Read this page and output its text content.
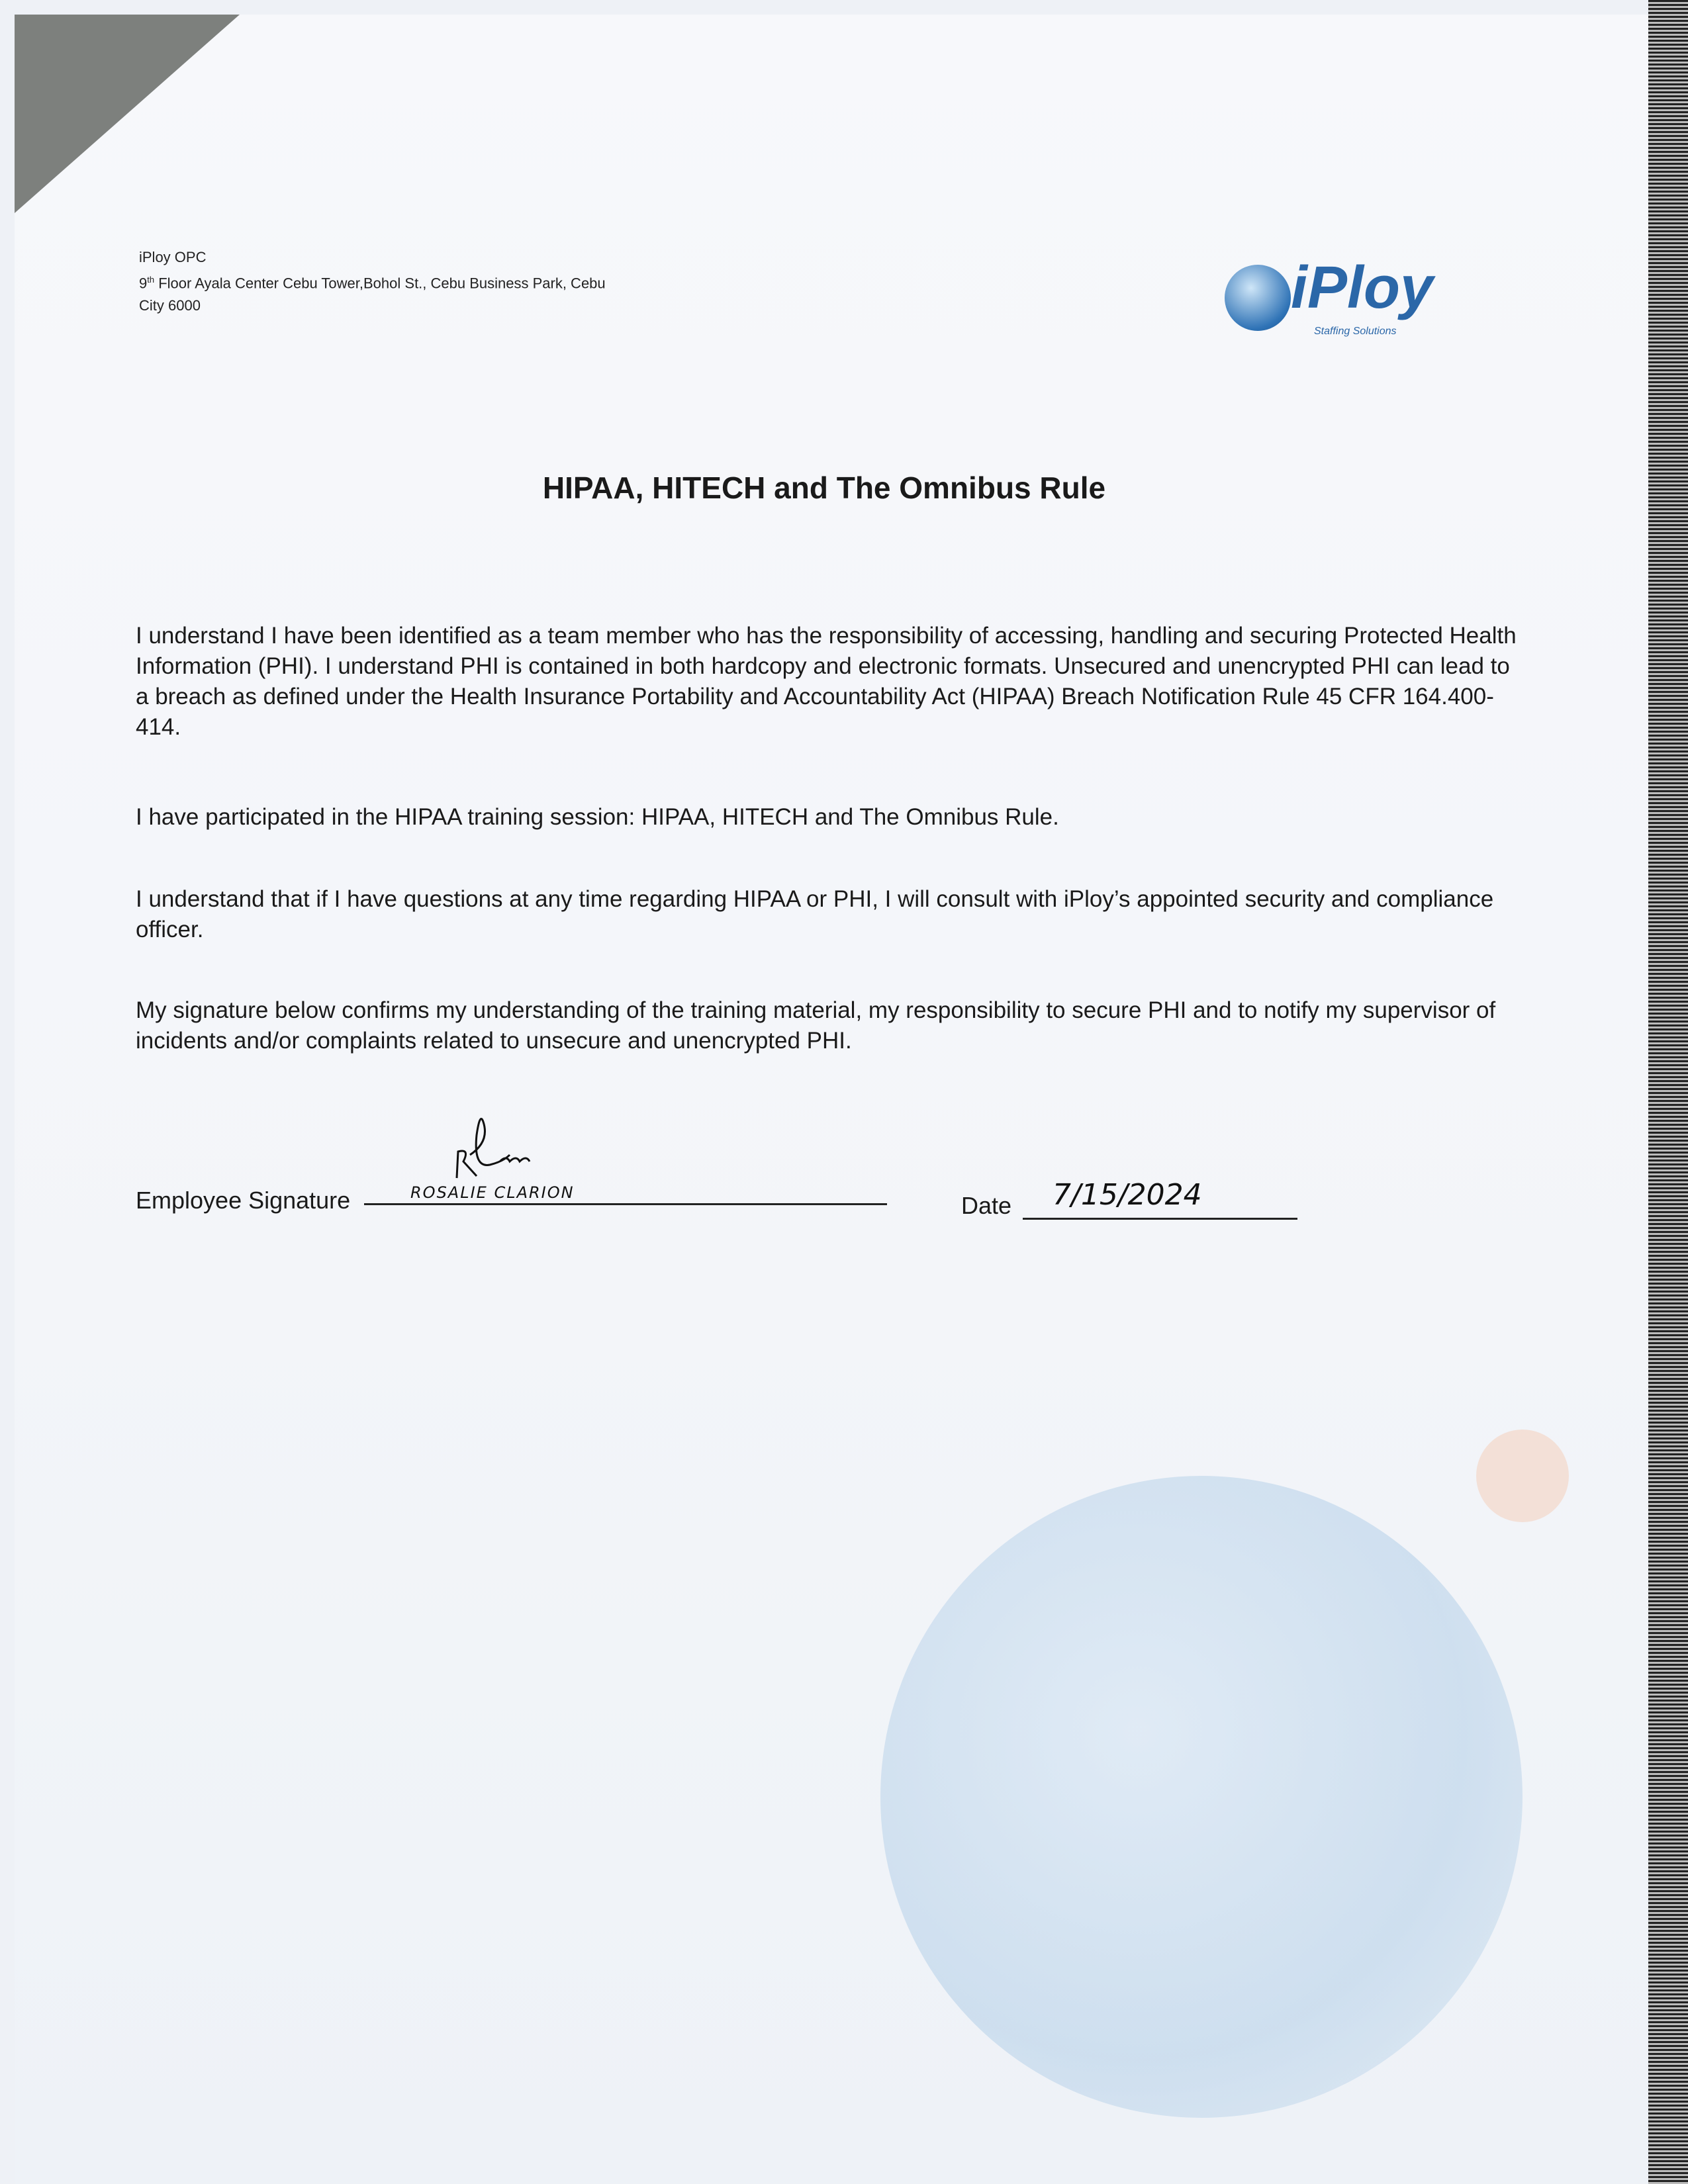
iPloy OPC
9th Floor Ayala Center Cebu Tower,Bohol St., Cebu Business Park, Cebu
City 6000	iPloy
Staffing Solutions
HIPAA, HITECH and The Omnibus Rule

I understand I have been identified as a team member who has the responsibility of accessing, handling and securing Protected Health Information (PHI). I understand PHI is contained in both hardcopy and electronic formats. Unsecured and unencrypted PHI can lead to a breach as defined under the Health Insurance Portability and Accountability Act (HIPAA) Breach Notification Rule 45 CFR 164.400-414.

I have participated in the HIPAA training session: HIPAA, HITECH and The Omnibus Rule.

I understand that if I have questions at any time regarding HIPAA or PHI, I will consult with iPloy’s appointed security and compliance officer.

My signature below confirms my understanding of the training material, my responsibility to secure PHI and to notify my supervisor of incidents and/or complaints related to unsecure and unencrypted PHI.

Employee Signature	ROSALIE CLARION	Date 7/15/2024
